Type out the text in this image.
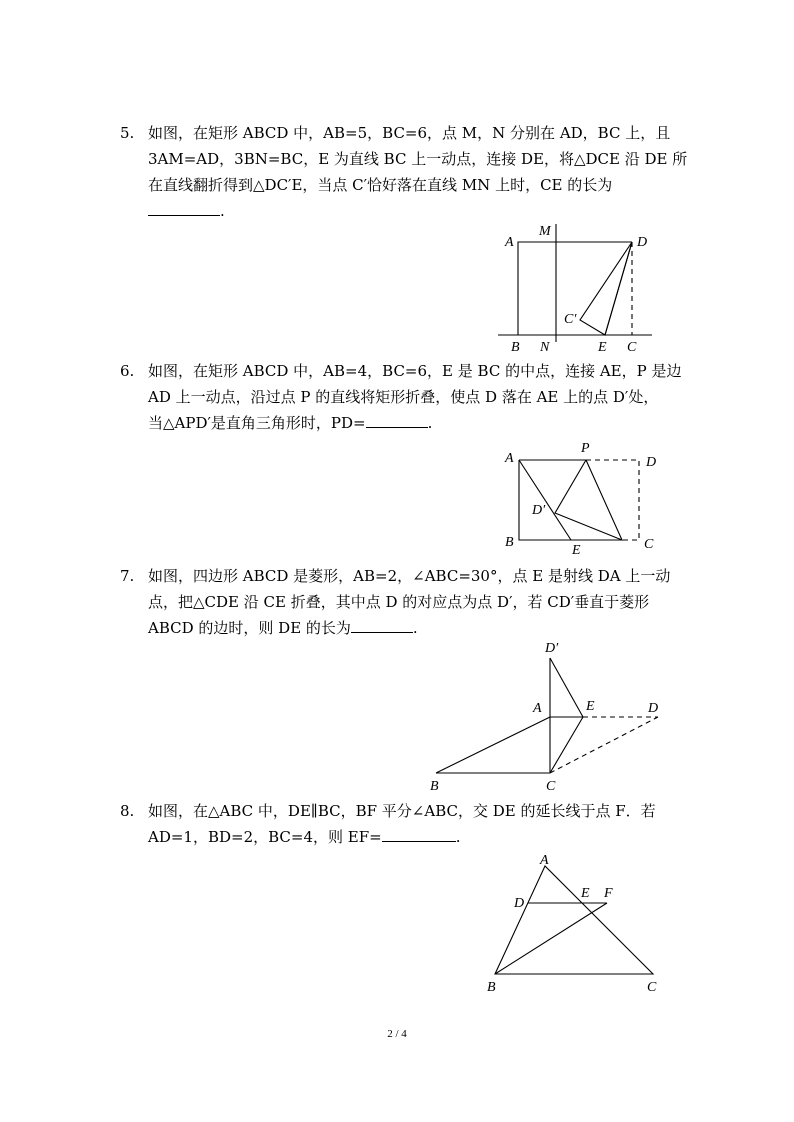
5. 如图，在矩形 ABCD 中，AB=5，BC=6，点 M，N 分别在 AD，BC 上，且
3AM=AD，3BN=BC，E 为直线 BC 上一动点，连接 DE，将△DCE 沿 DE 所
在直线翻折得到△DC′E，当点 C′恰好落在直线 MN 上时，CE 的长为
.
A
M
D
C′
B N	E C
6. 如图，在矩形 ABCD 中，AB=4，BC=6，E 是 BC 的中点，连接 AE，P 是边
AD 上一动点，沿过点 P 的直线将矩形折叠，使点 D 落在 AE 上的点 D′处，
当△APD′是直角三角形时，PD=	.
A
P
D
D′
B
E	C
7. 如图，四边形 ABCD 是菱形，AB=2，∠ABC=30°，点 E 是射线 DA 上一动
点，把△CDE 沿 CE 折叠，其中点 D 的对应点为点 D′，若 CD′垂直于菱形
ABCD 的边时，则 DE 的长为	.
D′
A	E	D
B	C
8. 如图，在△ABC 中，DE∥BC，BF 平分∠ABC，交 DE 的延长线于点 F．若
AD=1，BD=2，BC=4，则 EF=	.
A
D
E F
B	C
2 / 4
